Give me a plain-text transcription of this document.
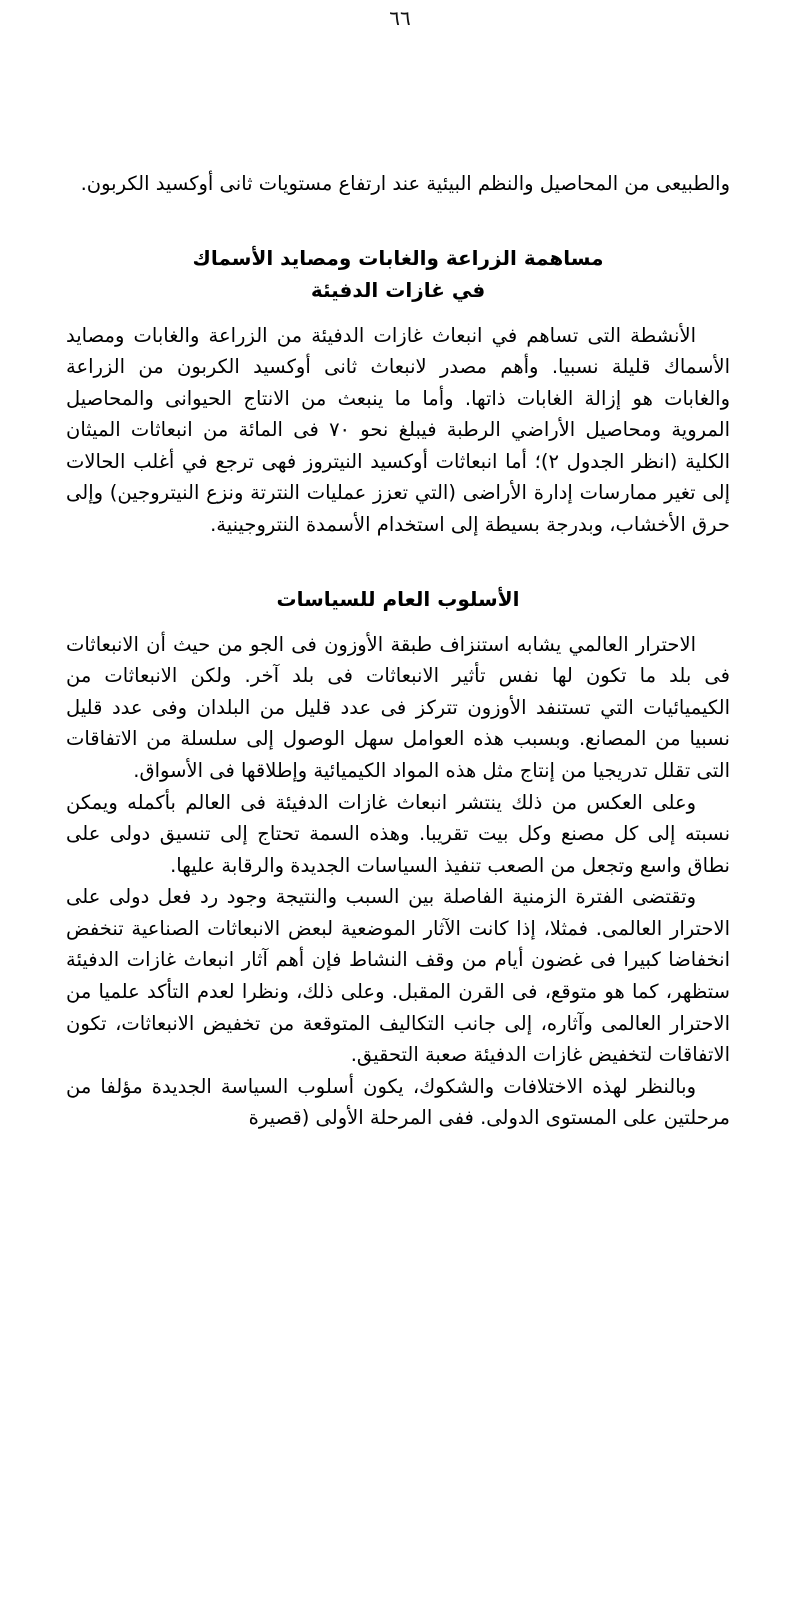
٦٦

والطبيعى من المحاصيل والنظم البيئية عند ارتفاع مستويات ثانى أوكسيد الكربون.

مساهمة الزراعة والغابات ومصايد الأسماك
في غازات الدفيئة

الأنشطة التى تساهم في انبعاث غازات الدفيئة من الزراعة والغابات ومصايد الأسماك قليلة نسبيا. وأهم مصدر لانبعاث ثانى أوكسيد الكربون من الزراعة والغابات هو إزالة الغابات ذاتها. وأما ما ينبعث من الانتاج الحيوانى والمحاصيل المروية ومحاصيل الأراضي الرطبة فيبلغ نحو ٧٠ فى المائة من انبعاثات الميثان الكلية (انظر الجدول ٢)؛ أما انبعاثات أوكسيد النيتروز فهى ترجع في أغلب الحالات إلى تغير ممارسات إدارة الأراضى (التي تعزز عمليات النترتة ونزع النيتروجين) وإلى حرق الأخشاب، وبدرجة بسيطة إلى استخدام الأسمدة النتروجينية.

الأسلوب العام للسياسات

الاحترار العالمي يشابه استنزاف طبقة الأوزون فى الجو من حيث أن الانبعاثات فى بلد ما تكون لها نفس تأثير الانبعاثات فى بلد آخر. ولكن الانبعاثات من الكيميائيات التي تستنفد الأوزون تتركز فى عدد قليل من البلدان وفى عدد قليل نسبيا من المصانع. وبسبب هذه العوامل سهل الوصول إلى سلسلة من الاتفاقات التى تقلل تدريجيا من إنتاج مثل هذه المواد الكيميائية وإطلاقها فى الأسواق.

وعلى العكس من ذلك ينتشر انبعاث غازات الدفيئة فى العالم بأكمله ويمكن نسبته إلى كل مصنع وكل بيت تقريبا. وهذه السمة تحتاج إلى تنسيق دولى على نطاق واسع وتجعل من الصعب تنفيذ السياسات الجديدة والرقابة عليها.

وتقتضى الفترة الزمنية الفاصلة بين السبب والنتيجة وجود رد فعل دولى على الاحترار العالمى. فمثلا، إذا كانت الآثار الموضعية لبعض الانبعاثات الصناعية تنخفض انخفاضا كبيرا فى غضون أيام من وقف النشاط فإن أهم آثار انبعاث غازات الدفيئة ستظهر، كما هو متوقع، فى القرن المقبل. وعلى ذلك، ونظرا لعدم التأكد علميا من الاحترار العالمى وآثاره، إلى جانب التكاليف المتوقعة من تخفيض الانبعاثات، تكون الاتفاقات لتخفيض غازات الدفيئة صعبة التحقيق.

وبالنظر لهذه الاختلافات والشكوك، يكون أسلوب السياسة الجديدة مؤلفا من مرحلتين على المستوى الدولى. ففى المرحلة الأولى (قصيرة
